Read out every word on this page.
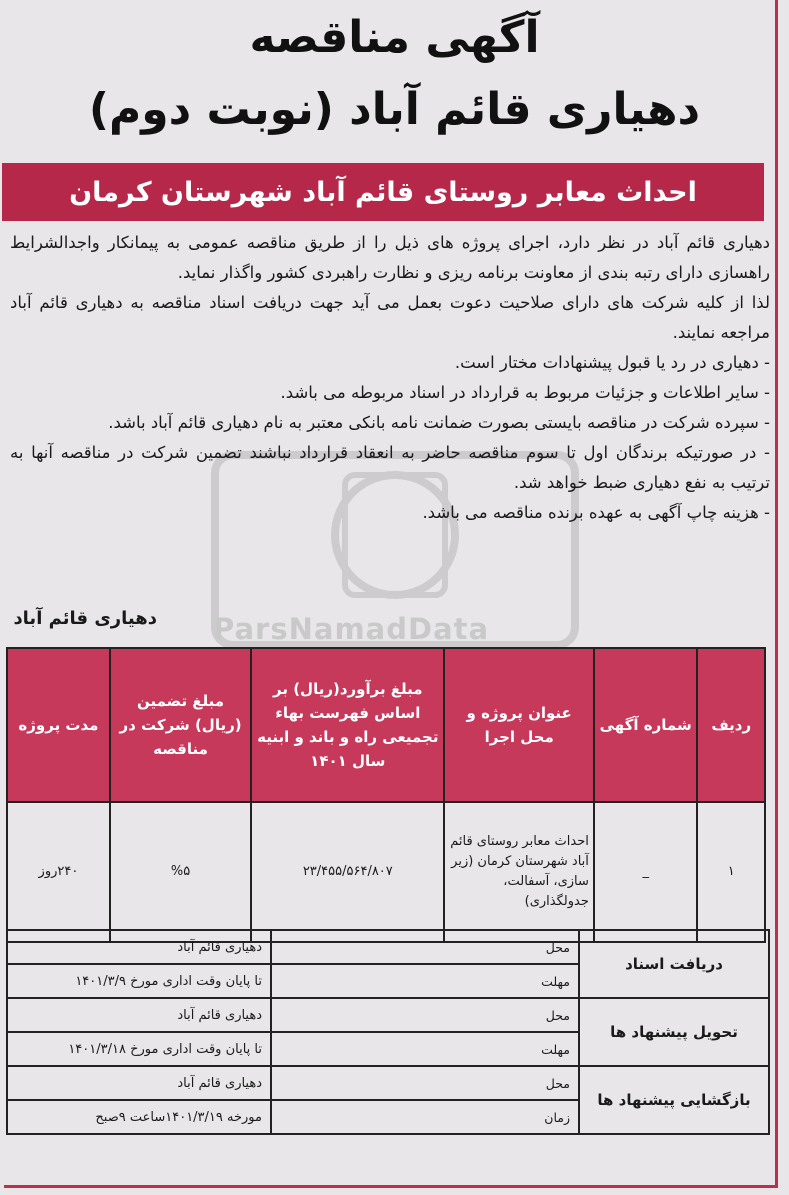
آگهی مناقصه
دهیاری قائم آباد (نوبت دوم)
احداث معابر روستای قائم آباد شهرستان کرمان

دهیاری قائم آباد در نظر دارد، اجرای پروژه های ذیل را از طریق مناقصه عمومی به پیمانکار واجدالشرایط راهسازی دارای رتبه بندی از معاونت برنامه ریزی و نظارت راهبردی کشور واگذار نماید.

لذا از کلیه شرکت های دارای صلاحیت دعوت بعمل می آید جهت دریافت اسناد مناقصه به دهیاری قائم آباد مراجعه نمایند.

- دهیاری در رد یا قبول پیشنهادات مختار است.

- سایر اطلاعات و جزئیات مربوط به قرارداد در اسناد مربوطه می باشد.

- سپرده شرکت در مناقصه بایستی بصورت ضمانت نامه بانکی معتبر به نام دهیاری قائم آباد باشد.

- در صورتیکه برندگان اول تا سوم مناقصه حاضر به انعقاد قرارداد نباشند تضمین شرکت در مناقصه آنها به ترتیب به نفع دهیاری ضبط خواهد شد.

- هزینه چاپ آگهی به عهده برنده مناقصه می باشد.

دهیاری قائم آباد ParsNamadData
ردیف	شماره آگهی	عنوان پروژه و محل اجرا	مبلغ برآورد(ریال) بر اساس فهرست بهاء تجمیعی راه و باند و ابنیه سال ۱۴۰۱	مبلغ تضمین (ریال) شرکت در مناقصه	مدت پروژه
۱	_	احداث معابر روستای قائم آباد شهرستان کرمان (زیر سازی، آسفالت، جدولگذاری)	۲۳/۴۵۵/۵۶۴/۸۰۷	%۵	۲۴۰روز
دریافت اسناد	محل	دهیاری قائم آباد
	مهلت	تا پایان وقت اداری مورخ ۱۴۰۱/۳/۹
تحویل پیشنهاد ها	محل	دهیاری قائم آباد
	مهلت	تا پایان وقت اداری مورخ ۱۴۰۱/۳/۱۸
بازگشایی پیشنهاد ها	محل	دهیاری قائم آباد
	زمان	مورخه ۱۴۰۱/۳/۱۹ساعت ۹صبح
